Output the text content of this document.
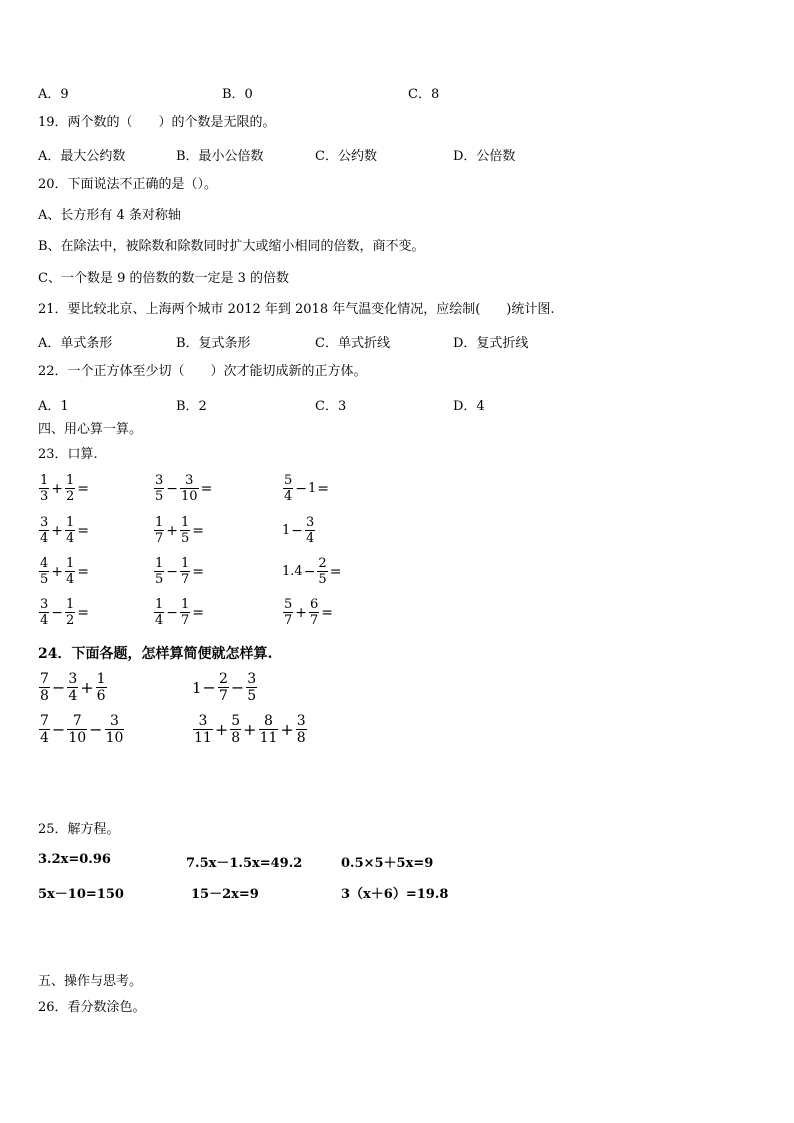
A．9	B．0	C．8
19．两个数的（　　）的个数是无限的。
A．最大公约数	B．最小公倍数	C．公约数	D．公倍数
20．下面说法不正确的是（）。
A、长方形有 4 条对称轴
B、在除法中，被除数和除数同时扩大或缩小相同的倍数，商不变。
C、一个数是 9 的倍数的数一定是 3 的倍数
21．要比较北京、上海两个城市 2012 年到 2018 年气温变化情况，应绘制(　　)统计图.
A．单式条形	B．复式条形	C．单式折线	D．复式折线
22．一个正方体至少切（　　）次才能切成新的正方体。
A．1	B．2	C．3	D．4
四、用心算一算。
23．口算.
$\frac{1}{3} + \frac{1}{2}$ =	$\frac{3}{5} - \frac{3}{10}$ =	$\frac{5}{4} - 1$ =
$\frac{3}{4} + \frac{1}{4}$ =	$\frac{1}{7} + \frac{1}{5}$ =	$1 - \frac{3}{4}$
$\frac{4}{5} + \frac{1}{4}$ =	$\frac{1}{5} - \frac{1}{7}$ =	$1.4 - \frac{2}{5}$ =
$\frac{3}{4} - \frac{1}{2}$ =	$\frac{1}{4} - \frac{1}{7}$ =	$\frac{5}{7} + \frac{6}{7}$ =
24．下面各题，怎样算简便就怎样算.
$\frac{7}{8} - \frac{3}{4} + \frac{1}{6}$	$1 - \frac{2}{7} - \frac{3}{5}$
$\frac{7}{4} - \frac{7}{10} - \frac{3}{10}$	$\frac{3}{11} + \frac{5}{8} + \frac{8}{11} + \frac{3}{8}$
25．解方程。
3.2x=0.96	7.5x－1.5x=49.2	0.5×5＋5x=9
5x－10=150	15－2x=9	3（x＋6）=19.8
五、操作与思考。
26．看分数涂色。
